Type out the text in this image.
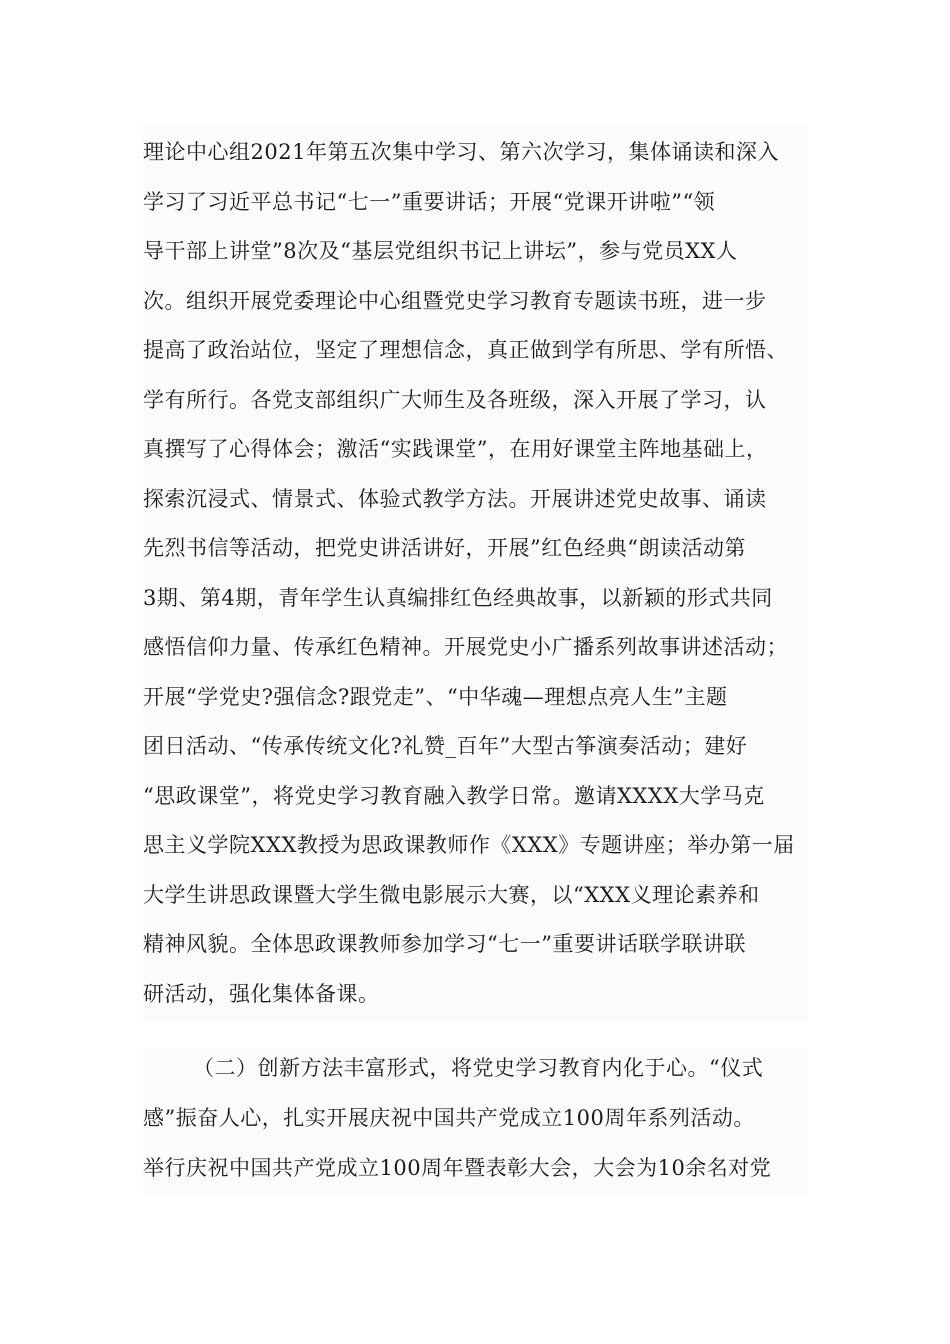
理论中心组2021年第五次集中学习、第六次学习，集体诵读和深入
学习了习近平总书记“七一”重要讲话；开展“党课开讲啦”“领
导干部上讲堂”8次及“基层党组织书记上讲坛”，参与党员XX人
次。组织开展党委理论中心组暨党史学习教育专题读书班，进一步
提高了政治站位，坚定了理想信念，真正做到学有所思、学有所悟、
学有所行。各党支部组织广大师生及各班级，深入开展了学习，认
真撰写了心得体会；激活“实践课堂”，在用好课堂主阵地基础上，
探索沉浸式、情景式、体验式教学方法。开展讲述党史故事、诵读
先烈书信等活动，把党史讲活讲好，开展”红色经典“朗读活动第
3期、第4期，青年学生认真编排红色经典故事，以新颖的形式共同
感悟信仰力量、传承红色精神。开展党史小广播系列故事讲述活动；
开展“学党史?强信念?跟党走”、“中华魂—理想点亮人生”主题
团日活动、“传承传统文化?礼赞_百年”大型古筝演奏活动；建好
“思政课堂”，将党史学习教育融入教学日常。邀请XXXX大学马克
思主义学院XXX教授为思政课教师作《XXX》专题讲座；举办第一届
大学生讲思政课暨大学生微电影展示大赛，以“XXX义理论素养和
精神风貌。全体思政课教师参加学习“七一”重要讲话联学联讲联
研活动，强化集体备课。
（二）创新方法丰富形式，将党史学习教育内化于心。“仪式
感”振奋人心，扎实开展庆祝中国共产党成立100周年系列活动。
举行庆祝中国共产党成立100周年暨表彰大会，大会为10余名对党
